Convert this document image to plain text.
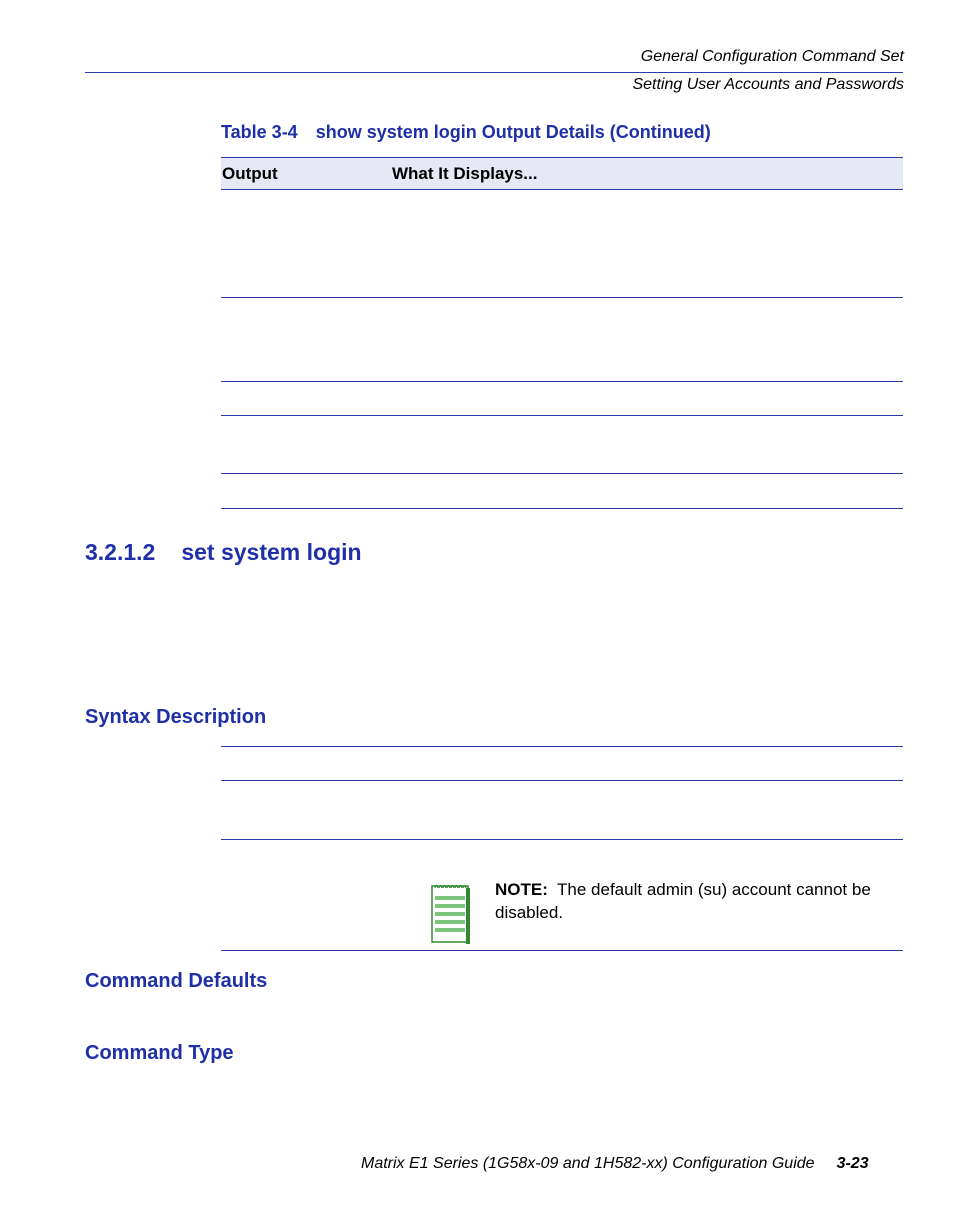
General Configuration Command Set
Setting User Accounts and Passwords
Table 3-4 show system login Output Details (Continued)
Output	What It Displays...
3.2.1.2 set system login
Syntax Description
NOTE: The default admin (su) account cannot be disabled.
Command Defaults
Command Type
Matrix E1 Series (1G58x-09 and 1H582-xx) Configuration Guide 3-23
